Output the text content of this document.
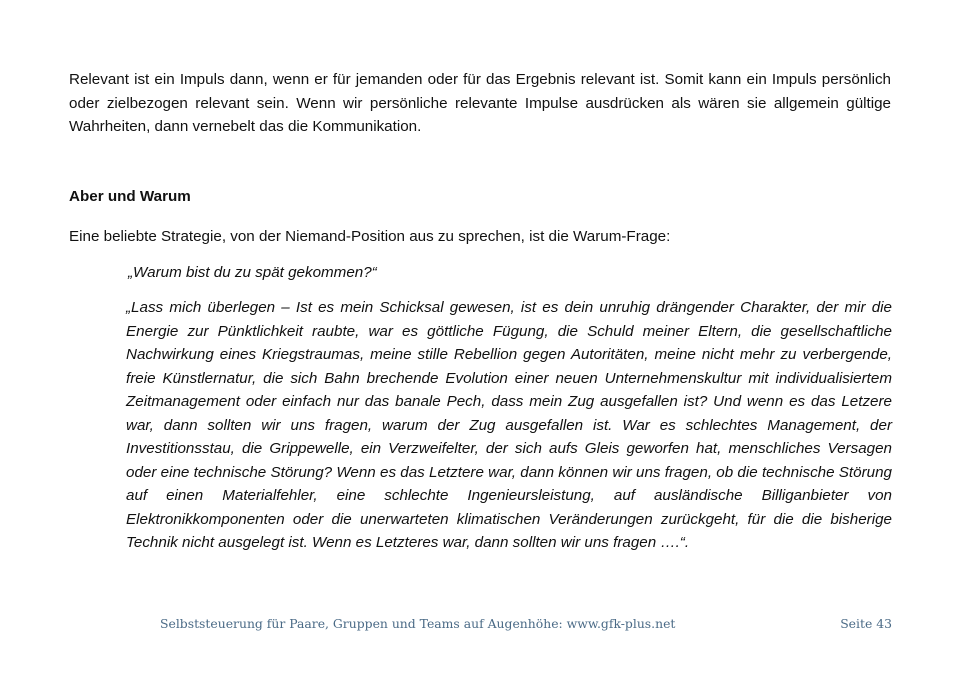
Relevant ist ein Impuls dann, wenn er für jemanden oder für das Ergebnis relevant ist. Somit kann ein Impuls persönlich oder zielbezogen relevant sein. Wenn wir persönliche relevante Impulse ausdrücken als wären sie allgemein gültige Wahrheiten, dann vernebelt das die Kommunikation.

Aber und Warum

Eine beliebte Strategie, von der Niemand-Position aus zu sprechen, ist die Warum-Frage:

„Warum bist du zu spät gekommen?“

„Lass mich überlegen – Ist es mein Schicksal gewesen, ist es dein unruhig drängender Charakter, der mir die Energie zur Pünktlichkeit raubte, war es göttliche Fügung, die Schuld meiner Eltern, die gesellschaftliche Nachwirkung eines Kriegstraumas, meine stille Rebellion gegen Autoritäten, meine nicht mehr zu verbergende, freie Künstlernatur, die sich Bahn brechende Evolution einer neuen Unternehmenskultur mit individualisiertem Zeitmanagement oder einfach nur das banale Pech, dass mein Zug ausgefallen ist? Und wenn es das Letzere war, dann sollten wir uns fragen, warum der Zug ausgefallen ist. War es schlechtes Management, der Investitionsstau, die Grippewelle, ein Verzweifelter, der sich aufs Gleis geworfen hat, menschliches Versagen oder eine technische Störung? Wenn es das Letztere war, dann können wir uns fragen, ob die technische Störung auf einen Materialfehler, eine schlechte Ingenieursleistung, auf ausländische Billiganbieter von Elektronikkomponenten oder die unerwarteten klimatischen Veränderungen zurückgeht, für die die bisherige Technik nicht ausgelegt ist. Wenn es Letzteres war, dann sollten wir uns fragen ….“.

Selbststeuerung für Paare, Gruppen und Teams auf Augenhöhe: www.gfk-plus.net	Seite 43
